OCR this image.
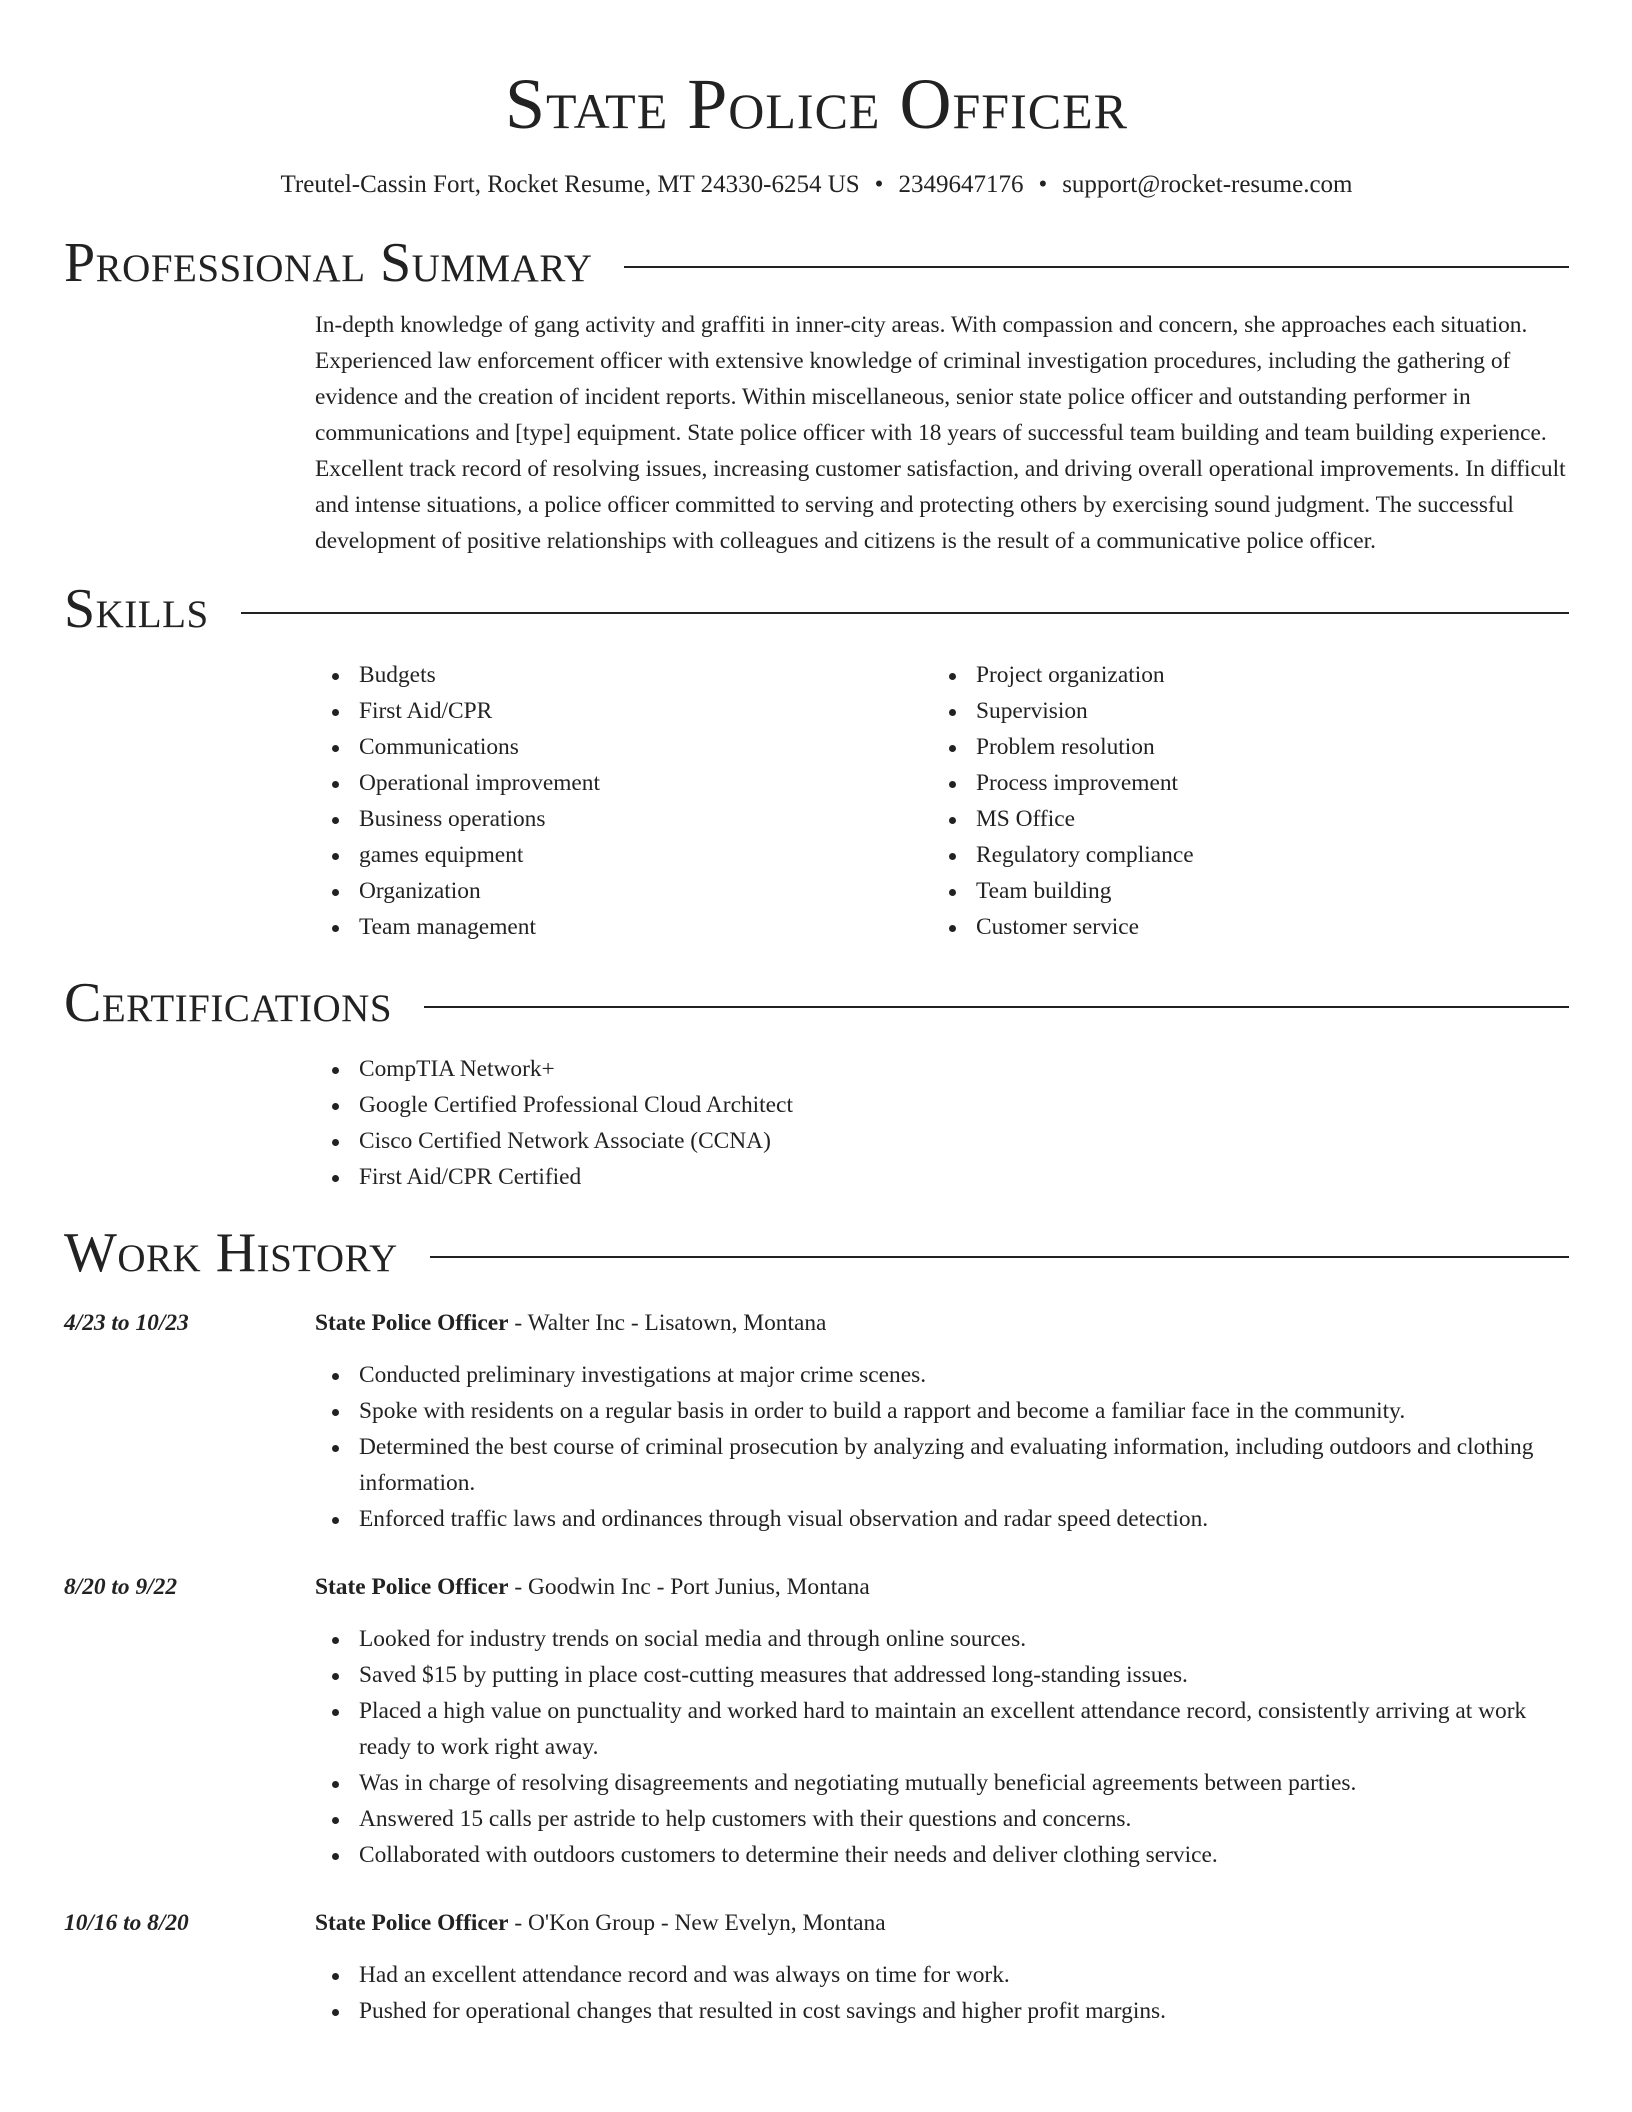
State Police Officer
Treutel-Cassin Fort, Rocket Resume, MT 24330-6254 US • 2349647176 • support@rocket-resume.com
Professional Summary

In-depth knowledge of gang activity and graffiti in inner-city areas. With compassion and concern, she approaches each situation. Experienced law enforcement officer with extensive knowledge of criminal investigation procedures, including the gathering of evidence and the creation of incident reports. Within miscellaneous, senior state police officer and outstanding performer in communications and [type] equipment. State police officer with 18 years of successful team building and team building experience. Excellent track record of resolving issues, increasing customer satisfaction, and driving overall operational improvements. In difficult and intense situations, a police officer committed to serving and protecting others by exercising sound judgment. The successful development of positive relationships with colleagues and citizens is the result of a communicative police officer.

Skills
Budgets
First Aid/CPR
Communications
Operational improvement
Business operations
games equipment
Organization
Team management
Project organization
Supervision
Problem resolution
Process improvement
MS Office
Regulatory compliance
Team building
Customer service
Certifications
CompTIA Network+
Google Certified Professional Cloud Architect
Cisco Certified Network Associate (CCNA)
First Aid/CPR Certified
Work History
4/23 to 10/23	State Police Officer - Walter Inc - Lisatown, Montana
Conducted preliminary investigations at major crime scenes.
Spoke with residents on a regular basis in order to build a rapport and become a familiar face in the community.
Determined the best course of criminal prosecution by analyzing and evaluating information, including outdoors and clothing information.
Enforced traffic laws and ordinances through visual observation and radar speed detection.
8/20 to 9/22	State Police Officer - Goodwin Inc - Port Junius, Montana
Looked for industry trends on social media and through online sources.
Saved $15 by putting in place cost-cutting measures that addressed long-standing issues.
Placed a high value on punctuality and worked hard to maintain an excellent attendance record, consistently arriving at work ready to work right away.
Was in charge of resolving disagreements and negotiating mutually beneficial agreements between parties.
Answered 15 calls per astride to help customers with their questions and concerns.
Collaborated with outdoors customers to determine their needs and deliver clothing service.
10/16 to 8/20	State Police Officer - O'Kon Group - New Evelyn, Montana
Had an excellent attendance record and was always on time for work.
Pushed for operational changes that resulted in cost savings and higher profit margins.
